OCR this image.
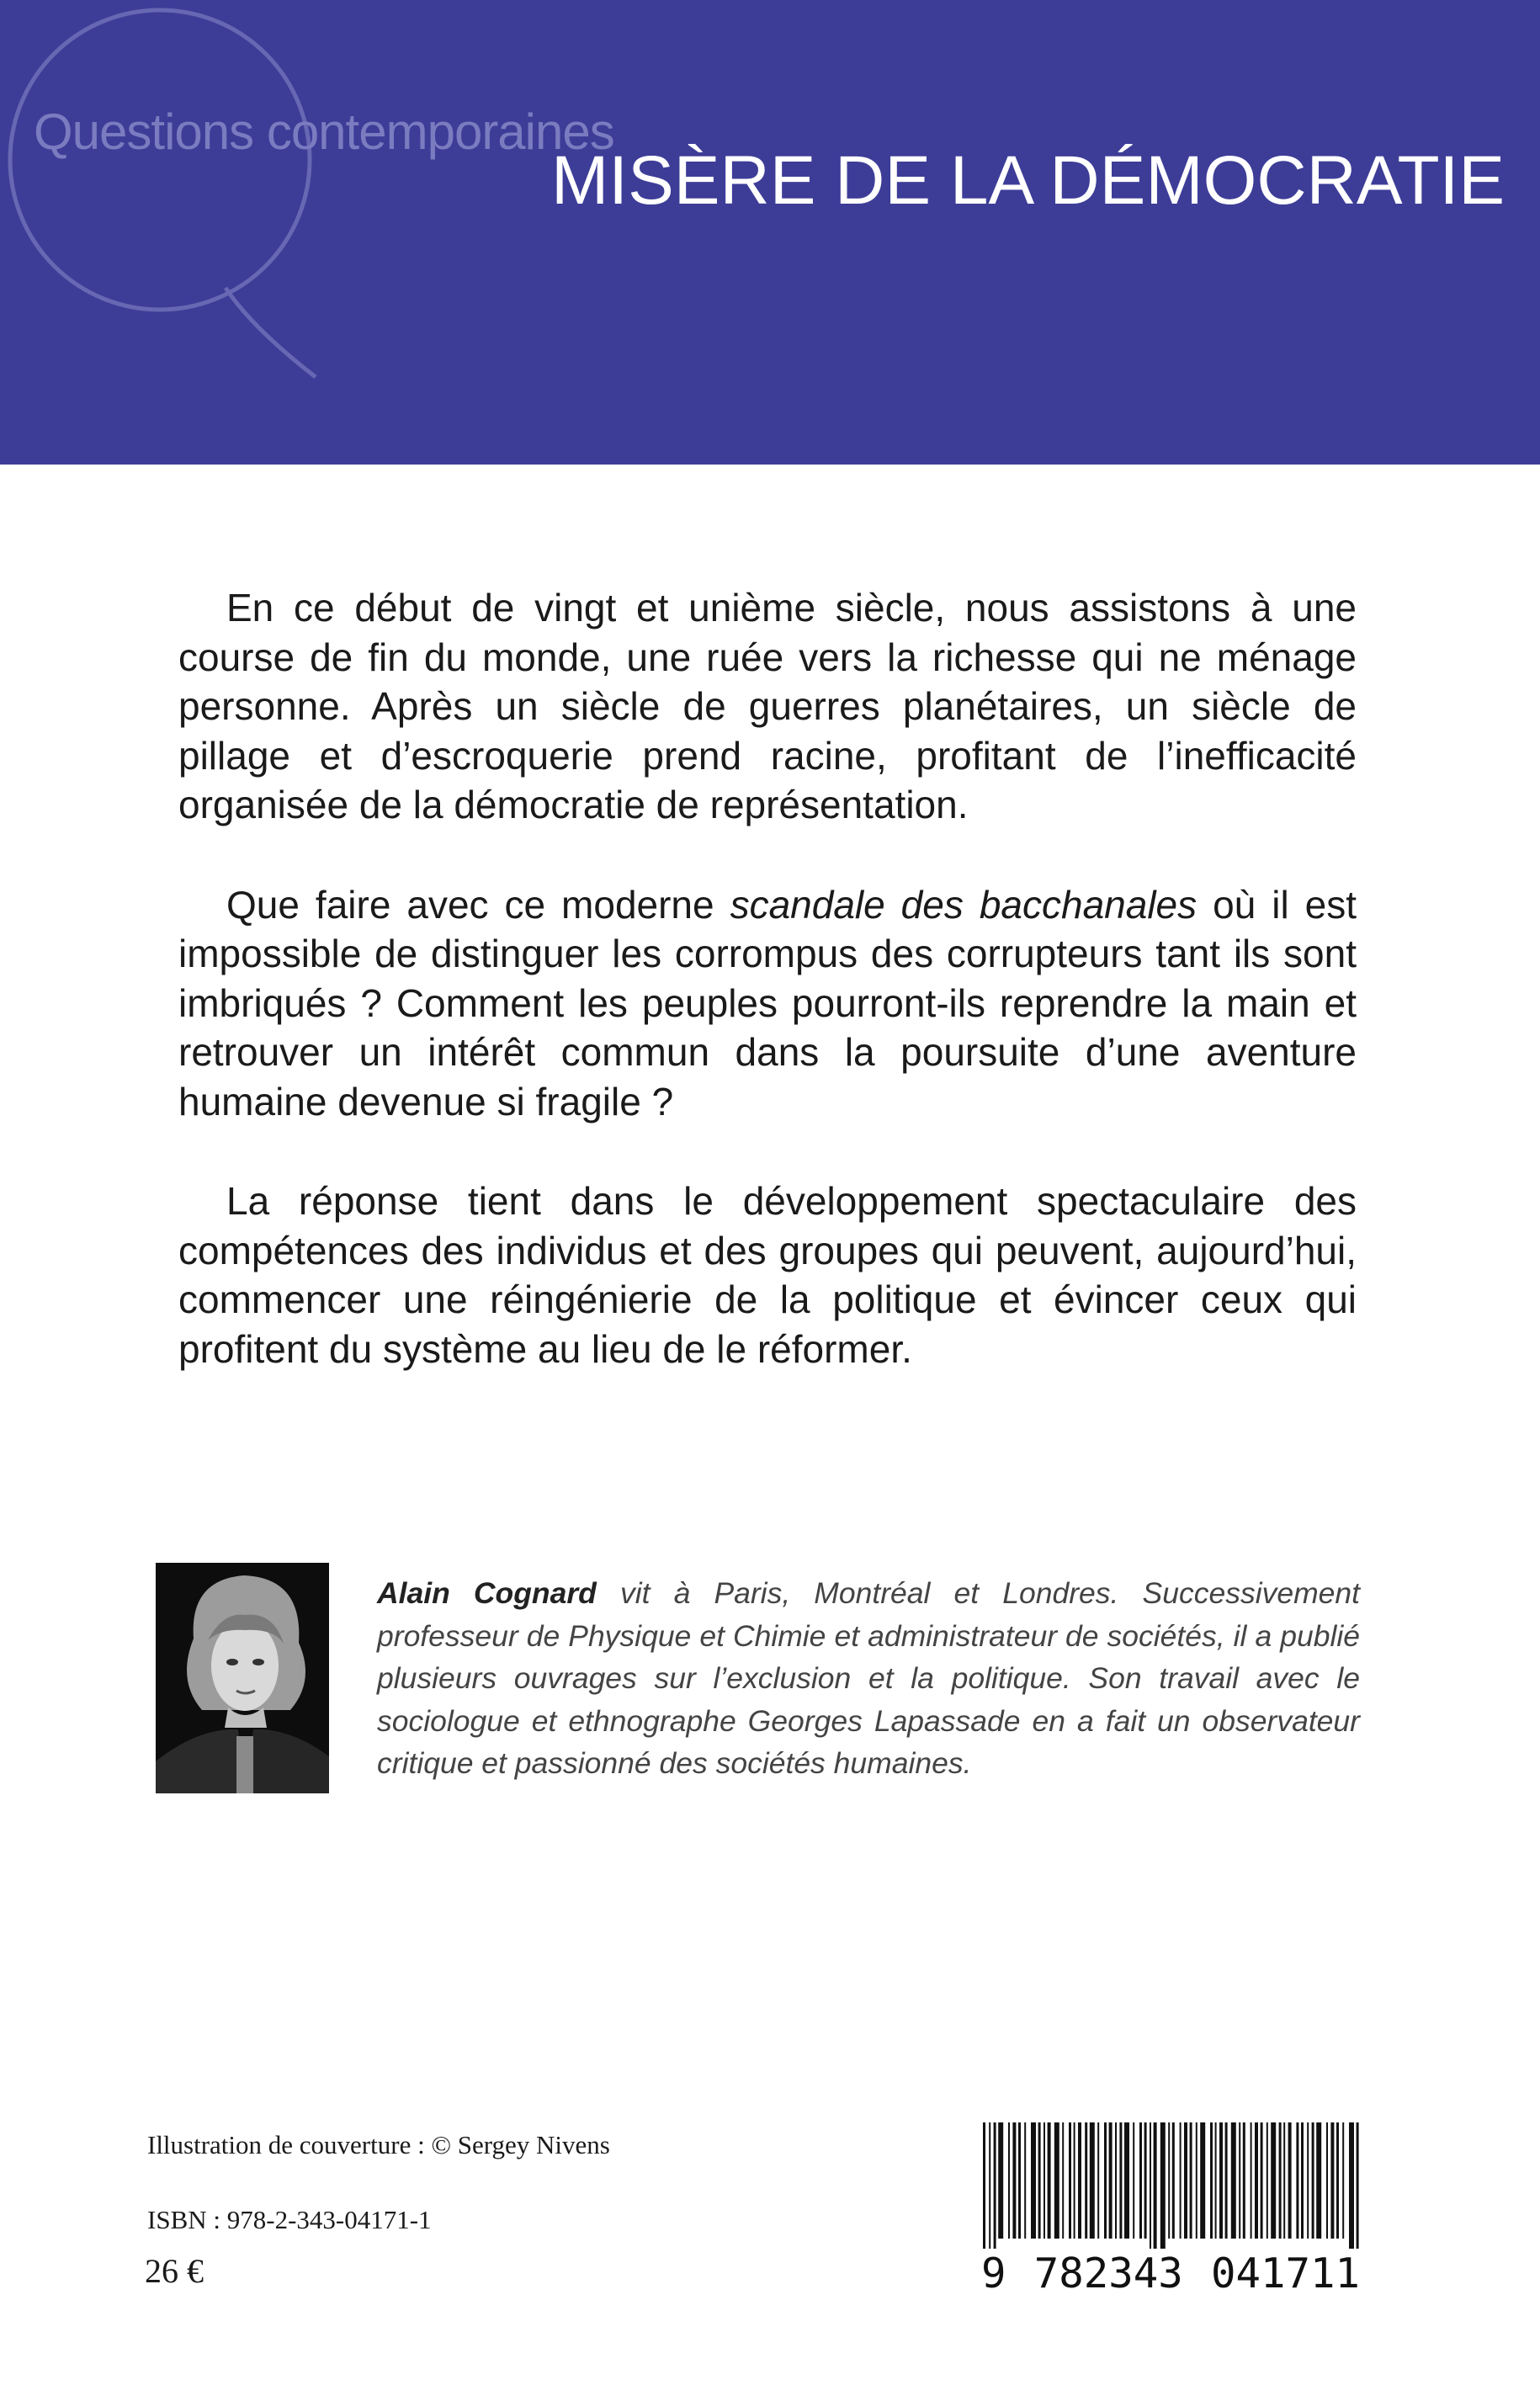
Questions contemporaines
MISÈRE DE LA DÉMOCRATIE

En ce début de vingt et unième siècle, nous assistons à une course de fin du monde, une ruée vers la richesse qui ne ménage personne. Après un siècle de guerres planétaires, un siècle de pillage et d’escroquerie prend racine, profitant de l’inefficacité organisée de la démocratie de représentation.

Que faire avec ce moderne scandale des bacchanales où il est impossible de distinguer les corrompus des corrupteurs tant ils sont imbriqués ? Comment les peuples pourront-ils reprendre la main et retrouver un intérêt commun dans la poursuite d’une aventure humaine devenue si fragile ?

La réponse tient dans le développement spectaculaire des compétences des individus et des groupes qui peuvent, aujourd’hui, commencer une réingénierie de la politique et évincer ceux qui profitent du système au lieu de le réformer.

Alain Cognard vit à Paris, Montréal et Londres. Successivement professeur de Physique et Chimie et administrateur de sociétés, il a publié plusieurs ouvrages sur l’exclusion et la politique. Son travail avec le sociologue et ethnographe Georges Lapassade en a fait un observateur critique et passionné des sociétés humaines.

Illustration de couverture : © Sergey Nivens
ISBN : 978-2-343-04171-1
26 €	9 782343 041711
